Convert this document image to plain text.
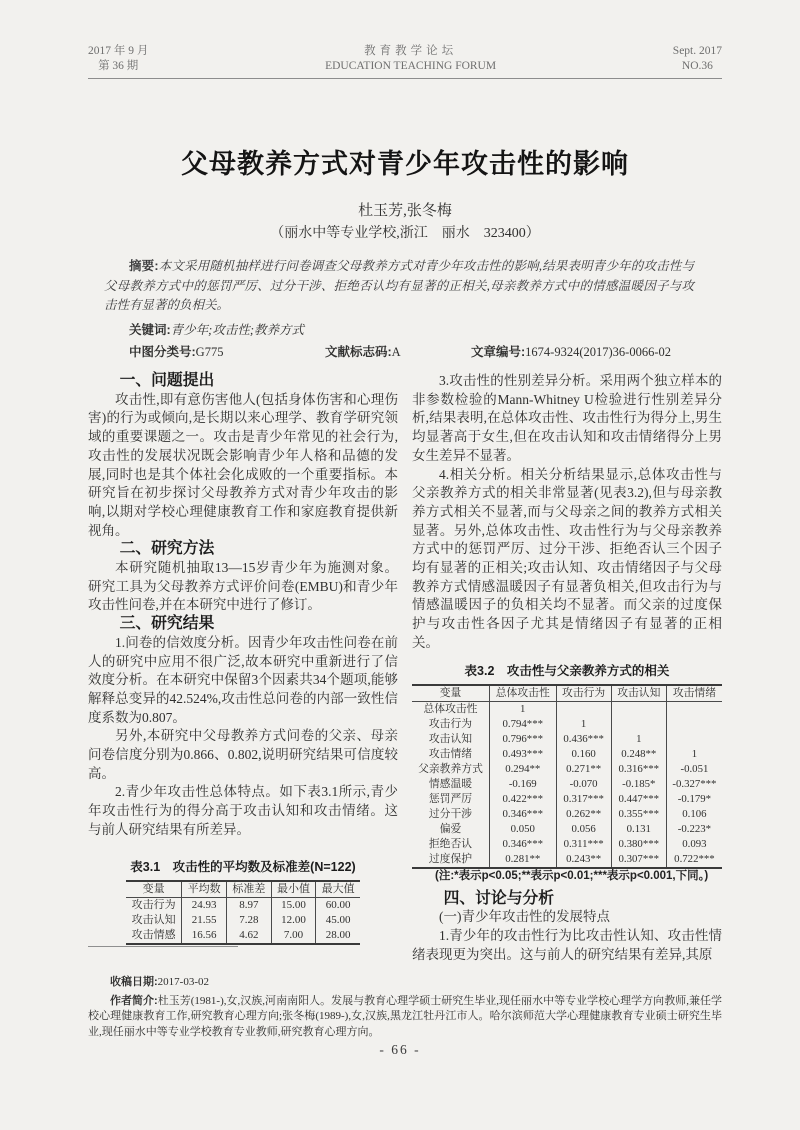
2017 年 9 月
第 36 期
教育教学论坛
EDUCATION TEACHING FORUM
Sept. 2017
NO.36
父母教养方式对青少年攻击性的影响
杜玉芳,张冬梅
（丽水中等专业学校,浙江　丽水　323400）

摘要:本文采用随机抽样进行问卷调查父母教养方式对青少年攻击性的影响,结果表明青少年的攻击性与父母教养方式中的惩罚严厉、过分干涉、拒绝否认均有显著的正相关,母亲教养方式中的情感温暖因子与攻击性有显著的负相关。

关键词:青少年;攻击性;教养方式
中图分类号:G775	文献标志码:A	文章编号:1674-9324(2017)36-0066-02
一、问题提出

攻击性,即有意伤害他人(包括身体伤害和心理伤害)的行为或倾向,是长期以来心理学、教育学研究领域的重要课题之一。攻击是青少年常见的社会行为,攻击性的发展状况既会影响青少年人格和品德的发展,同时也是其个体社会化成败的一个重要指标。本研究旨在初步探讨父母教养方式对青少年攻击的影响,以期对学校心理健康教育工作和家庭教育提供新视角。

二、研究方法

本研究随机抽取13—15岁青少年为施测对象。研究工具为父母教养方式评价问卷(EMBU)和青少年攻击性问卷,并在本研究中进行了修订。

三、研究结果

1.问卷的信效度分析。因青少年攻击性问卷在前人的研究中应用不很广泛,故本研究中重新进行了信效度分析。在本研究中保留3个因素共34个题项,能够解释总变异的42.524%,攻击性总问卷的内部一致性信度系数为0.807。

另外,本研究中父母教养方式问卷的父亲、母亲问卷信度分别为0.866、0.802,说明研究结果可信度较高。

2.青少年攻击性总体特点。如下表3.1所示,青少年攻击性行为的得分高于攻击认知和攻击情绪。这与前人研究结果有所差异。

表3.1　攻击性的平均数及标准差(N=122)
变量	平均数	标准差	最小值	最大值
攻击行为	24.93	8.97	15.00	60.00
攻击认知	21.55	7.28	12.00	45.00
攻击情感	16.56	4.62	7.00	28.00

3.攻击性的性别差异分析。采用两个独立样本的非参数检验的Mann-Whitney U检验进行性别差异分析,结果表明,在总体攻击性、攻击性行为得分上,男生均显著高于女生,但在攻击认知和攻击情绪得分上男女生差异不显著。

4.相关分析。相关分析结果显示,总体攻击性与父亲教养方式的相关非常显著(见表3.2),但与母亲教养方式相关不显著,而与父母亲之间的教养方式相关显著。另外,总体攻击性、攻击性行为与父母亲教养方式中的惩罚严厉、过分干涉、拒绝否认三个因子均有显著的正相关;攻击认知、攻击情绪因子与父母教养方式情感温暖因子有显著负相关,但攻击行为与情感温暖因子的负相关均不显著。而父亲的过度保护与攻击性各因子尤其是情绪因子有显著的正相关。

表3.2　攻击性与父亲教养方式的相关
变量	总体攻击性	攻击行为	攻击认知	攻击情绪
总体攻击性	1			
攻击行为	0.794***	1		
攻击认知	0.796***	0.436***	1	
攻击情绪	0.493***	0.160	0.248**	1
父亲教养方式	0.294**	0.271**	0.316***	-0.051
情感温暖	-0.169	-0.070	-0.185*	-0.327***
惩罚严厉	0.422***	0.317***	0.447***	-0.179*
过分干涉	0.346***	0.262**	0.355***	0.106
偏爱	0.050	0.056	0.131	-0.223*
拒绝否认	0.346***	0.311***	0.380***	0.093
过度保护	0.281**	0.243**	0.307***	0.722***

(注:*表示p<0.05;**表示p<0.01;***表示p<0.001,下同。)

四、讨论与分析

(一)青少年攻击性的发展特点

1.青少年的攻击性行为比攻击性认知、攻击性情绪表现更为突出。这与前人的研究结果有差异,其原

收稿日期:2017-03-02

作者简介:杜玉芳(1981-),女,汉族,河南南阳人。发展与教育心理学硕士研究生毕业,现任丽水中等专业学校心理学方向教师,兼任学校心理健康教育工作,研究教育心理方向;张冬梅(1989-),女,汉族,黑龙江牡丹江市人。哈尔滨师范大学心理健康教育专业硕士研究生毕业,现任丽水中等专业学校教育专业教师,研究教育心理方向。

- 66 -
